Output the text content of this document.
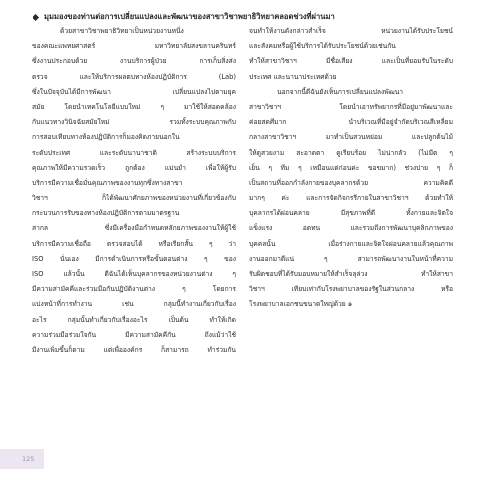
มุมมองของท่านต่อการเปลี่ยนแปลงและพัฒนาของสาขาวิชาพยาธิวิทยาคลอดช่วงที่ผ่านมา
ด้วยสาขาวิชาพยาธิวิทยาเป็นหน่วยงานหนึ่ง
ของคณะแพทยศาสตร์ มหาวิทยาลัยสงขลานครินทร์
ซึ่งงานประกอบด้วย งานบริการผู้ป่วย การเก็บสิ่งส่ง
ตรวจ และให้บริการผลตบทางห้องปฏิบัติการ (Lab)
ซึ่งในปัจจุบันได้มีการพัฒนา เปลี่ยนแปลงไปตามยุค
สมัย โดยนำเทคโนโลยีแบบใหม่ ๆ มาใช้ให้สอดคล้อง
กับแนวทางวินิจฉัยสมัยใหม่ รวมทั้งระบบคุณภาพกับ
การสอบเทียบทางห้องปฏิบัติการก็มองคิดภายนอกใน
ระดับประเทศ และระดับนานาชาติ สร้างระบบบริการ
คุณภาพให้มีความรวดเร็ว ถูกต้อง แม่นยำ เพื่อให้ผู้รับ
บริการมีความเชื่อมั่นคุณภาพของงานทุกซึ่งทางสาขา
วิชาฯ ก็ได้พัฒนาศักยภาพของหน่วยงานที่เกี่ยวข้องกับ
กระบวนการรับของทางห้องปฏิบัติการตามมาตรฐาน
สากล ซึ่งมีเครื่องมือกำหนดหลักยภาพของงานให้ผู้ใช้
บริการมีความเชื่อถือ ตรวจสอบได้ หรือเรียกสั้น ๆ ว่า
ISO นั่นเอง มีการดำเนินการหรือขั้นตอนต่าง ๆ ของ
ISO แล้วนั้น ดีฉันได้เห็นบุคลากรของหน่วยงานต่าง ๆ
มีความสามัคคีและร่วมมือกันปฏิบัติงานต่าง ๆ โดยการ
แบ่งหน้าที่การทำงาน เช่น กลุ่มนี้ทำงานเกี่ยวกับเรื่อง
อะไร กลุ่มนั้นทำเกี่ยวกับเรื่องอะไร เป็นต้น ทำให้เกิด
ความร่วมมือร่วมใจกัน มีความสามัคคีกัน ถึงแม้ว่าใช้
มีงานเพิ่มขึ้นก็ตาม แต่เพื่อองค์กร ก็สามารถ ทำร่วมกัน
จนทำให้งานดังกล่าวสำเร็จ หน่วยงานได้รับประโยชน์
และสังคมหรือผู้ใช้บริการได้รับประโยชน์ด้วยเช่นกัน
ทำให้สาขาวิชาฯ มีชื่อเสียง และเป็นที่ยอมรับในระดับ
ประเทศ และนานาประเทศด้วย
นอกจากนี้ดีฉันยังเห็นการเปลี่ยนแปลงพัฒนา
สาขาวิชาฯ โดยนำเอาทรัพยากรที่มีอยู่มาพัฒนาและ
ค่อยสดศึมาก นำบริเวณที่มีอยู่จำกัดบริเวณสีเหลี่ยม
กลางสาขาวิชาฯ มาทำเป็นสวนหย่อม และปลูกต้นไม้
ให้ดูสวยงาม สะอาดตา ดูเรียบร้อย ไม่น่ากลัว (ไม่มีต ๆ
เย็น ๆ ทึม ๆ เหมือนแต่ก่อนค่ะ ขอขมาก) ช่วงบ่าย ๆ ก็
เป็นสถานที่ออกกำลังกายของบุคลากรด้วย ความคิดดี
มากๆ ค่ะ และการจัดกิจกรรีกายในสาขาวิชาฯ ด้วยทำให้
บุคลากรได้ผ่อนคลาย มีสุขภาพที่ดี ทั้งกายและจิตใจ
แข็งแรง อดทน และรวมถึงการพัฒนาบุคลิกภาพของ
บุคคลนั้น เมื่อร่างกายและจิตใจผ่อนคลายแล้วคุณภาพ
งานออกมาดีแน่ ๆ สามารถพัฒนางานในหน้าที่ความ
รับผิดชอบที่ได้รับมอบหมายให้สำเร็จลุล่วง ทำให้สาขา
วิชาฯ เทียบเท่ากับโรงพยาบาลของรัฐในส่วนกลาง หรือ
โรงพยาบาลเอกชนขนาดใหญ่ด้วย ๑
125
